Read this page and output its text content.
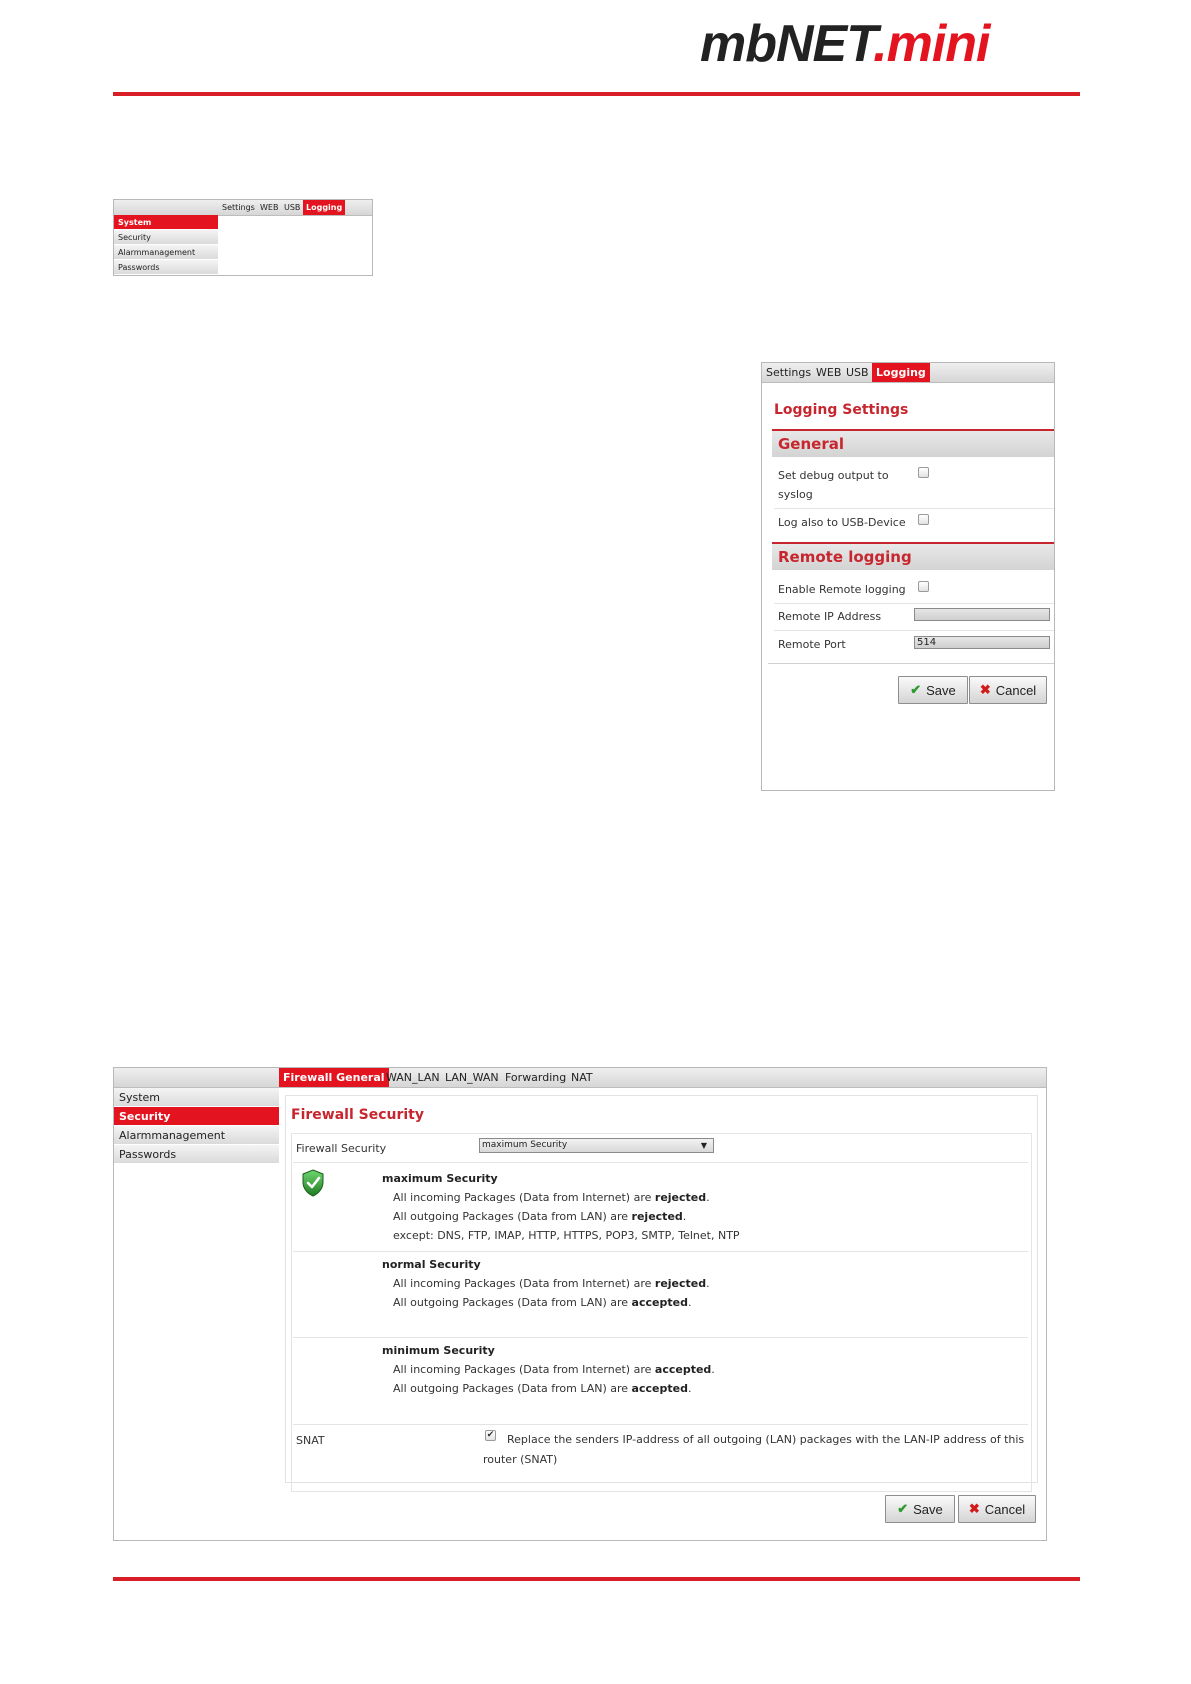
mbNET.mini
Settings WEB USB Logging
System
Security
Alarmmanagement
Passwords
Settings WEB USB Logging
Logging Settings
General
Set debug output to
syslog
Log also to USB-Device
Remote logging
Enable Remote logging
Remote IP Address
Remote Port	514
✔ Save ✖ Cancel
Firewall General WAN_LAN LAN_WAN Forwarding NAT
System
Security
Alarmmanagement
Passwords
Firewall Security
Firewall Security	maximum Security	▼
maximum Security
All incoming Packages (Data from Internet) are rejected.
All outgoing Packages (Data from LAN) are rejected.
except: DNS, FTP, IMAP, HTTP, HTTPS, POP3, SMTP, Telnet, NTP
normal Security
All incoming Packages (Data from Internet) are rejected.
All outgoing Packages (Data from LAN) are accepted.
minimum Security
All incoming Packages (Data from Internet) are accepted.
All outgoing Packages (Data from LAN) are accepted.
SNAT	✔ Replace the senders IP-address of all outgoing (LAN) packages with the LAN-IP address of this
router (SNAT)
✔ Save ✖ Cancel
